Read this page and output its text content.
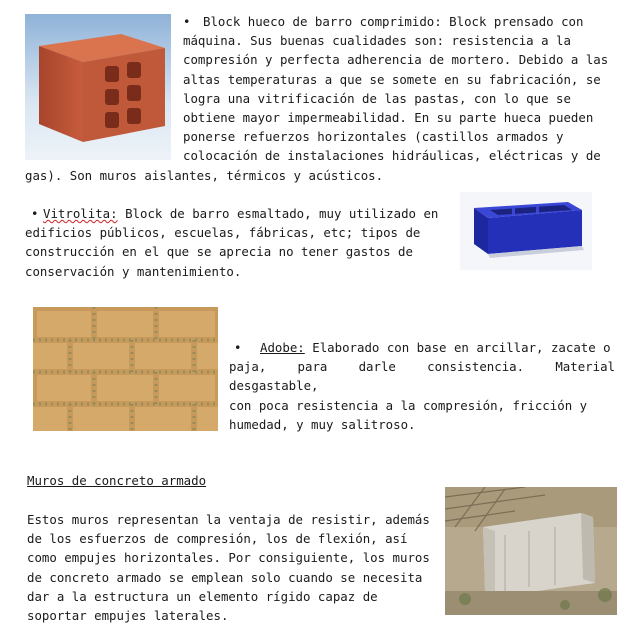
• Block hueco de barro comprimido: Block prensado con

máquina. Sus buenas cualidades son: resistencia a la

compresión y perfecta adherencia de mortero. Debido a las

altas temperaturas a que se somete en su fabricación, se

logra una vitrificación de las pastas, con lo que se

obtiene mayor impermeabilidad. En su parte hueca pueden

ponerse refuerzos horizontales (castillos armados y

colocación de instalaciones hidráulicas, eléctricas y de

gas). Son muros aislantes, térmicos y acústicos.

• Vitrolita: Block de barro esmaltado, muy utilizado en

edificios públicos, escuelas, fábricas, etc; tipos de

construcción en el que se aprecia no tener gastos de

conservación y mantenimiento.

• Adobe: Elaborado con base en arcillar, zacate o

paja, para darle consistencia. Material desgastable,

con poca resistencia a la compresión, fricción y

humedad, y muy salitroso.

Muros de concreto armado

Estos muros representan la ventaja de resistir, además

de los esfuerzos de compresión, los de flexión, así

como empujes horizontales. Por consiguiente, los muros

de concreto armado se emplean solo cuando se necesita

dar a la estructura un elemento rígido capaz de

soportar empujes laterales.
